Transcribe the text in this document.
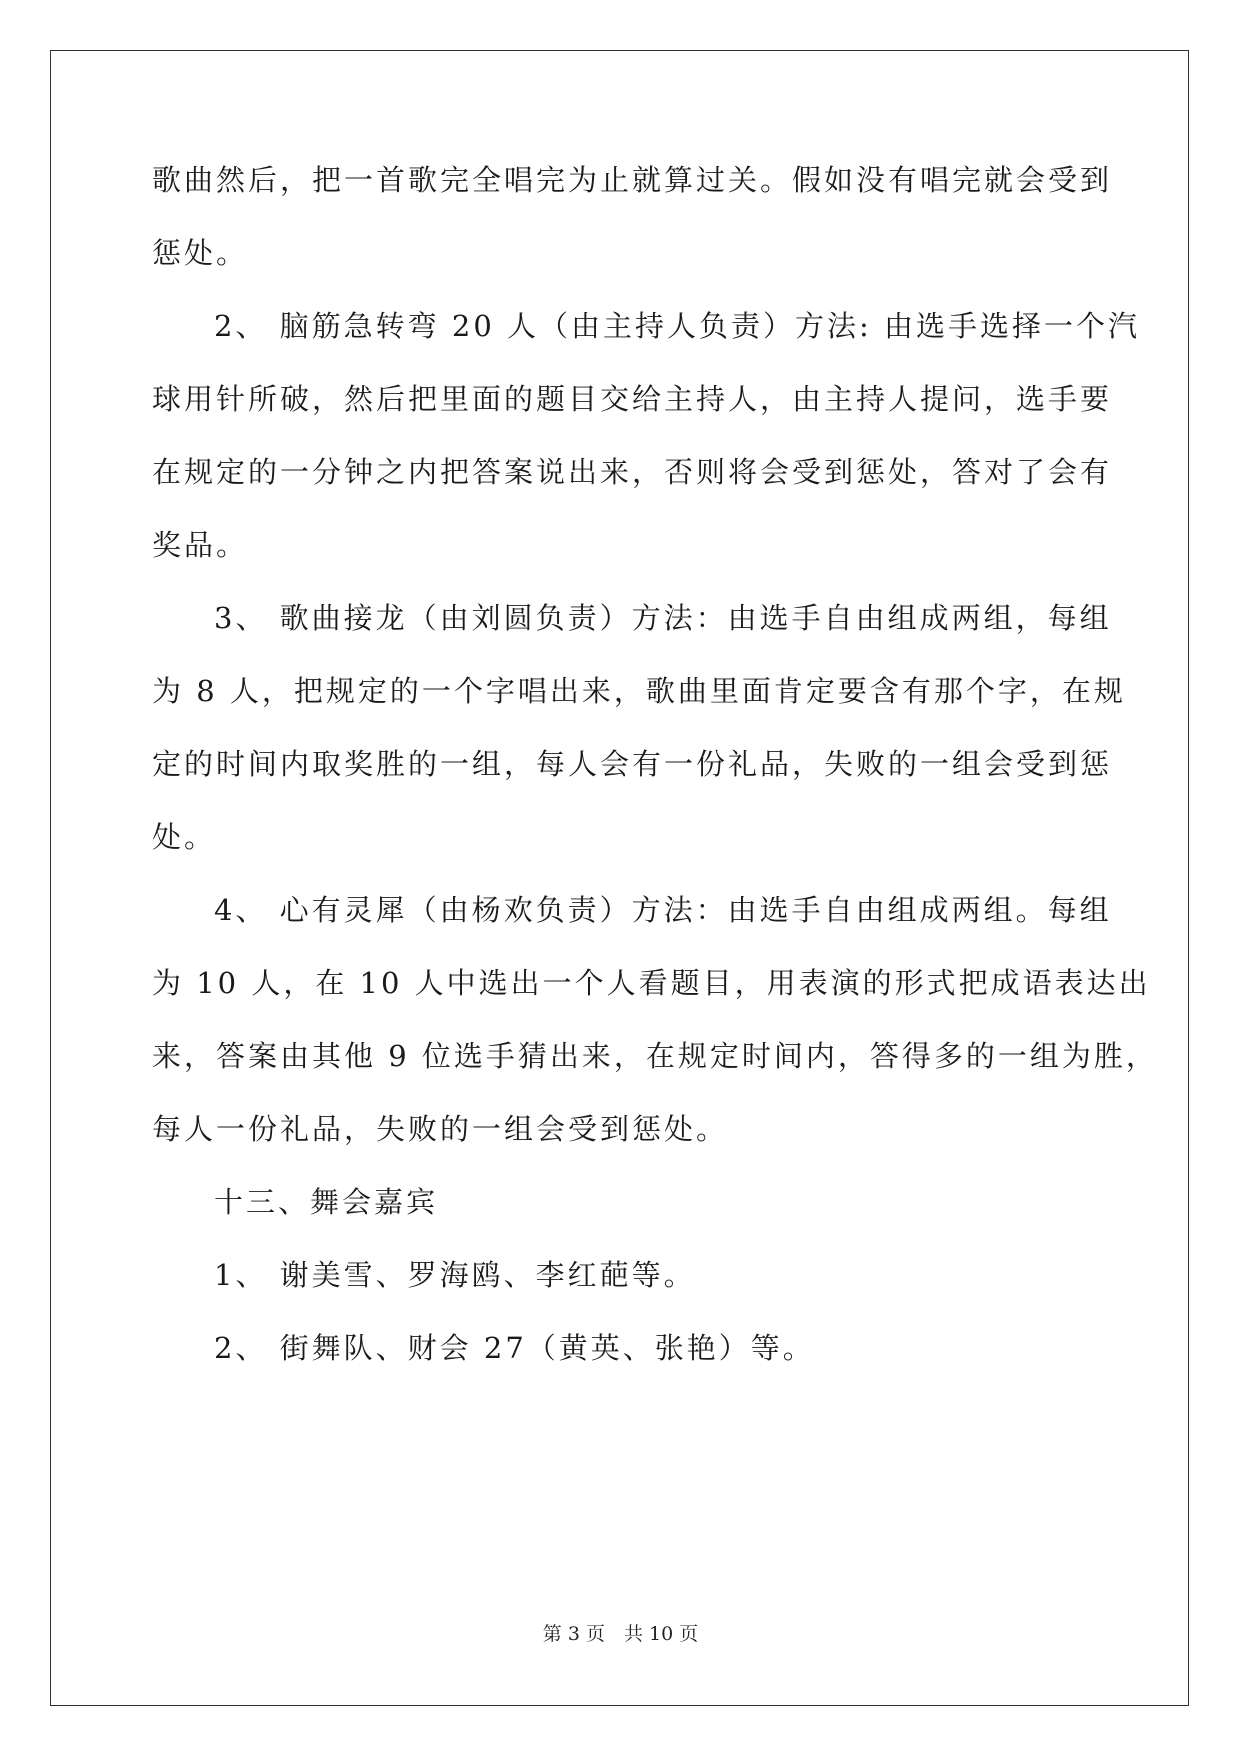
歌曲然后，把一首歌完全唱完为止就算过关。假如没有唱完就会受到
惩处。
2、 脑筋急转弯 20 人（由主持人负责）方法: 由选手选择一个汽
球用针所破，然后把里面的题目交给主持人，由主持人提问，选手要
在规定的一分钟之内把答案说出来，否则将会受到惩处，答对了会有
奖品。
3、 歌曲接龙（由刘圆负责）方法：由选手自由组成两组，每组
为 8 人，把规定的一个字唱出来，歌曲里面肯定要含有那个字，在规
定的时间内取奖胜的一组，每人会有一份礼品，失败的一组会受到惩
处。
4、 心有灵犀（由杨欢负责）方法：由选手自由组成两组。每组
为 10 人，在 10 人中选出一个人看题目，用表演的形式把成语表达出
来，答案由其他 9 位选手猜出来，在规定时间内，答得多的一组为胜，
每人一份礼品，失败的一组会受到惩处。
十三、舞会嘉宾
1、 谢美雪、罗海鸥、李红葩等。
2、 街舞队、财会 27（黄英、张艳）等。
第 3 页　共 10 页
